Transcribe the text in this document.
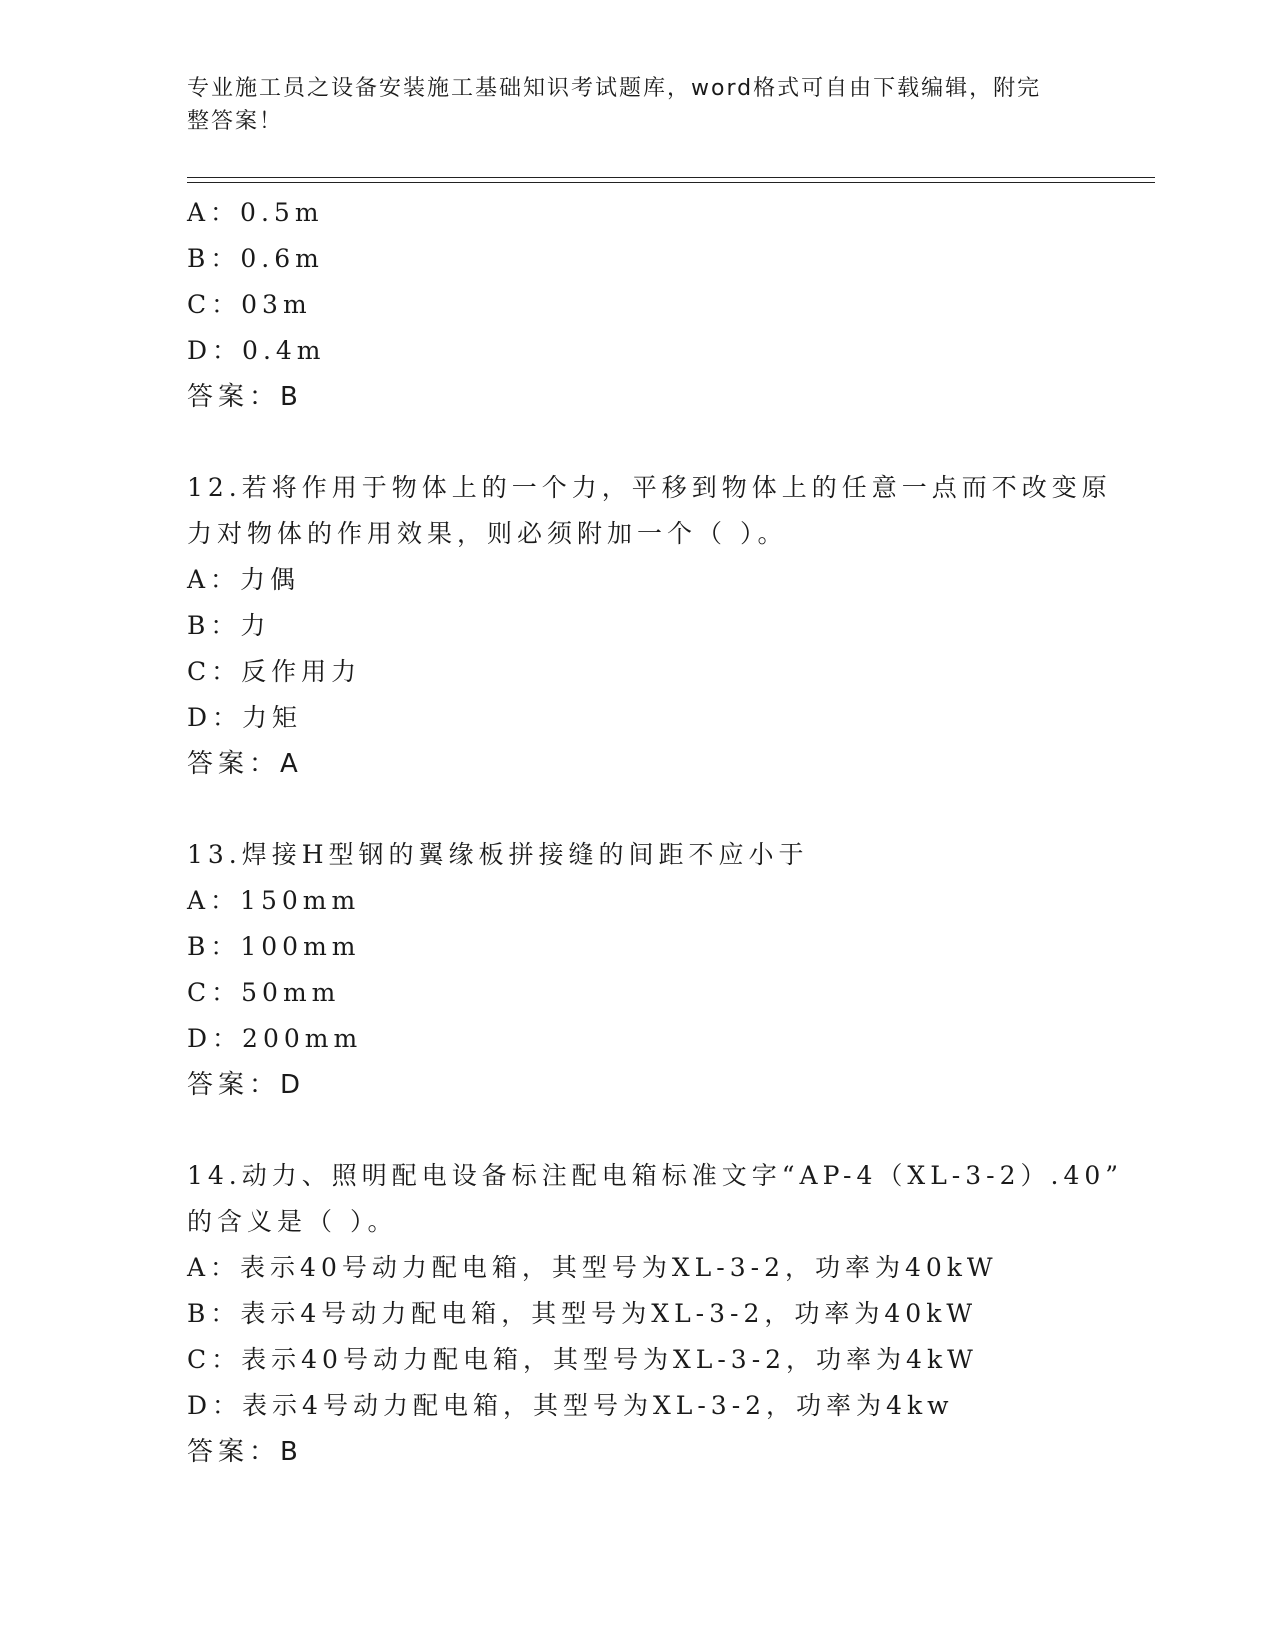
专业施工员之设备安装施工基础知识考试题库，word格式可自由下载编辑，附完
整答案！
A：0.5m
B：0.6m
C：03m
D：0.4m
答案：B
12.若将作用于物体上的一个力，平移到物体上的任意一点而不改变原
力对物体的作用效果，则必须附加一个（ ）。
A：力偶
B：力
C：反作用力
D：力矩
答案：A
13.焊接H型钢的翼缘板拼接缝的间距不应小于
A：150mm
B：100mm
C：50mm
D：200mm
答案：D
14.动力、照明配电设备标注配电箱标准文字“AP-4（XL-3-2）.40”
的含义是（ ）。
A：表示40号动力配电箱，其型号为XL-3-2，功率为40kW
B：表示4号动力配电箱，其型号为XL-3-2，功率为40kW
C：表示40号动力配电箱，其型号为XL-3-2，功率为4kW
D：表示4号动力配电箱，其型号为XL-3-2，功率为4kw
答案：B
